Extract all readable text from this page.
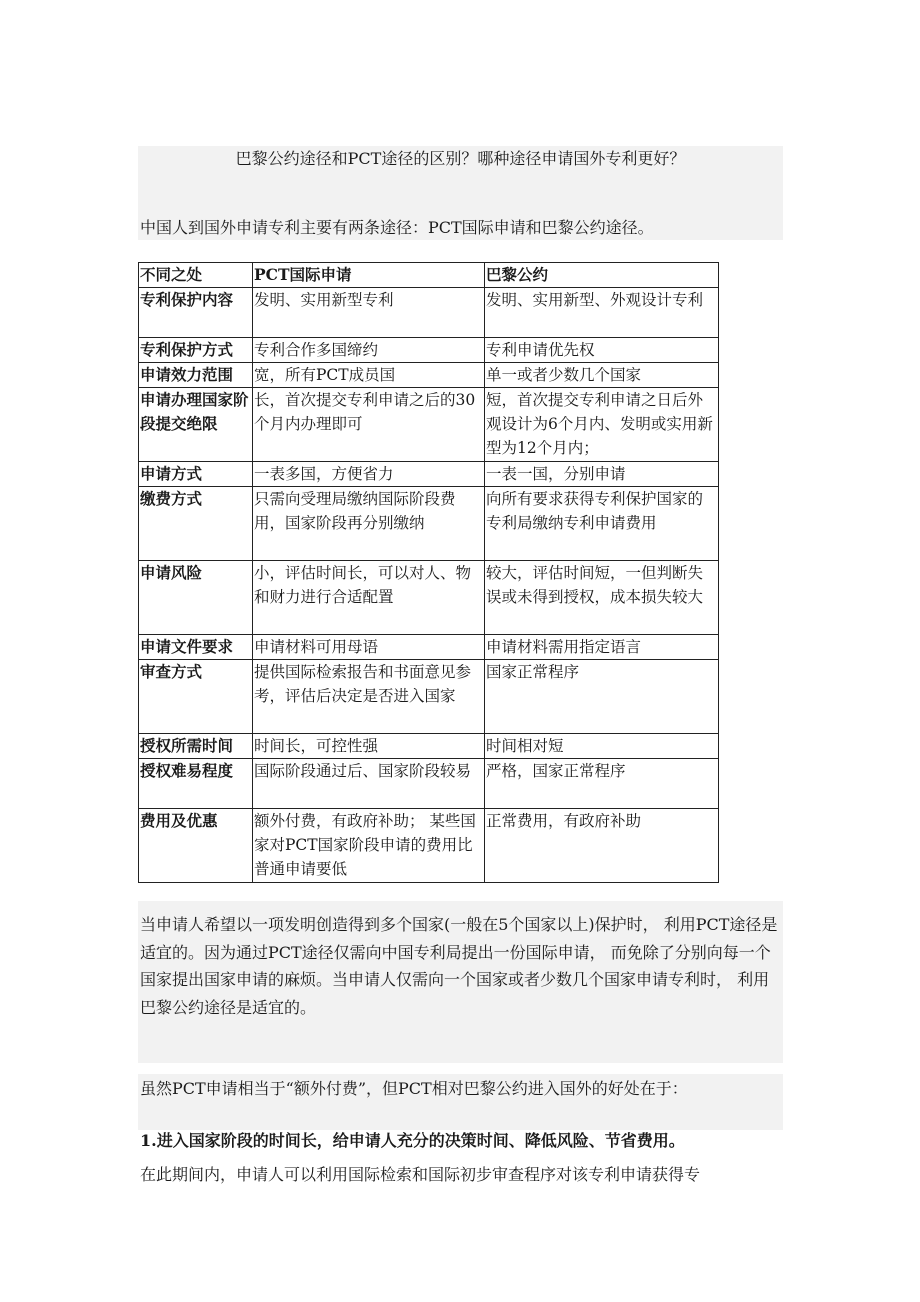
巴黎公约途径和PCT途径的区别？哪种途径申请国外专利更好？
中国人到国外申请专利主要有两条途径：PCT国际申请和巴黎公约途径。
不同之处	PCT国际申请	巴黎公约
专利保护内容	发明、实用新型专利	发明、实用新型、外观设计专利
专利保护方式	专利合作多国缔约	专利申请优先权
申请效力范围	宽，所有PCT成员国	单一或者少数几个国家
申请办理国家阶段提交绝限	长，首次提交专利申请之后的30个月内办理即可	短，首次提交专利申请之日后外观设计为6个月内、发明或实用新型为12个月内；
申请方式	一表多国，方便省力	一表一国，分别申请
缴费方式	只需向受理局缴纳国际阶段费用，国家阶段再分别缴纳	向所有要求获得专利保护国家的专利局缴纳专利申请费用
申请风险	小，评估时间长，可以对人、物和财力进行合适配置	较大，评估时间短，一但判断失误或未得到授权，成本损失较大
申请文件要求	申请材料可用母语	申请材料需用指定语言
审查方式	提供国际检索报告和书面意见参考，评估后决定是否进入国家	国家正常程序
授权所需时间	时间长，可控性强	时间相对短
授权难易程度	国际阶段通过后、国家阶段较易	严格，国家正常程序
费用及优惠	额外付费，有政府补助； 某些国家对PCT国家阶段申请的费用比普通申请要低	正常费用，有政府补助
当申请人希望以一项发明创造得到多个国家(一般在5个国家以上)保护时， 利用PCT途径是适宜的。因为通过PCT途径仅需向中国专利局提出一份国际申请， 而免除了分别向每一个国家提出国家申请的麻烦。当申请人仅需向一个国家或者少数几个国家申请专利时， 利用巴黎公约途径是适宜的。
虽然PCT申请相当于“额外付费”，但PCT相对巴黎公约进入国外的好处在于：
1.进入国家阶段的时间长，给申请人充分的决策时间、降低风险、节省费用。
在此期间内，申请人可以利用国际检索和国际初步审查程序对该专利申请获得专
